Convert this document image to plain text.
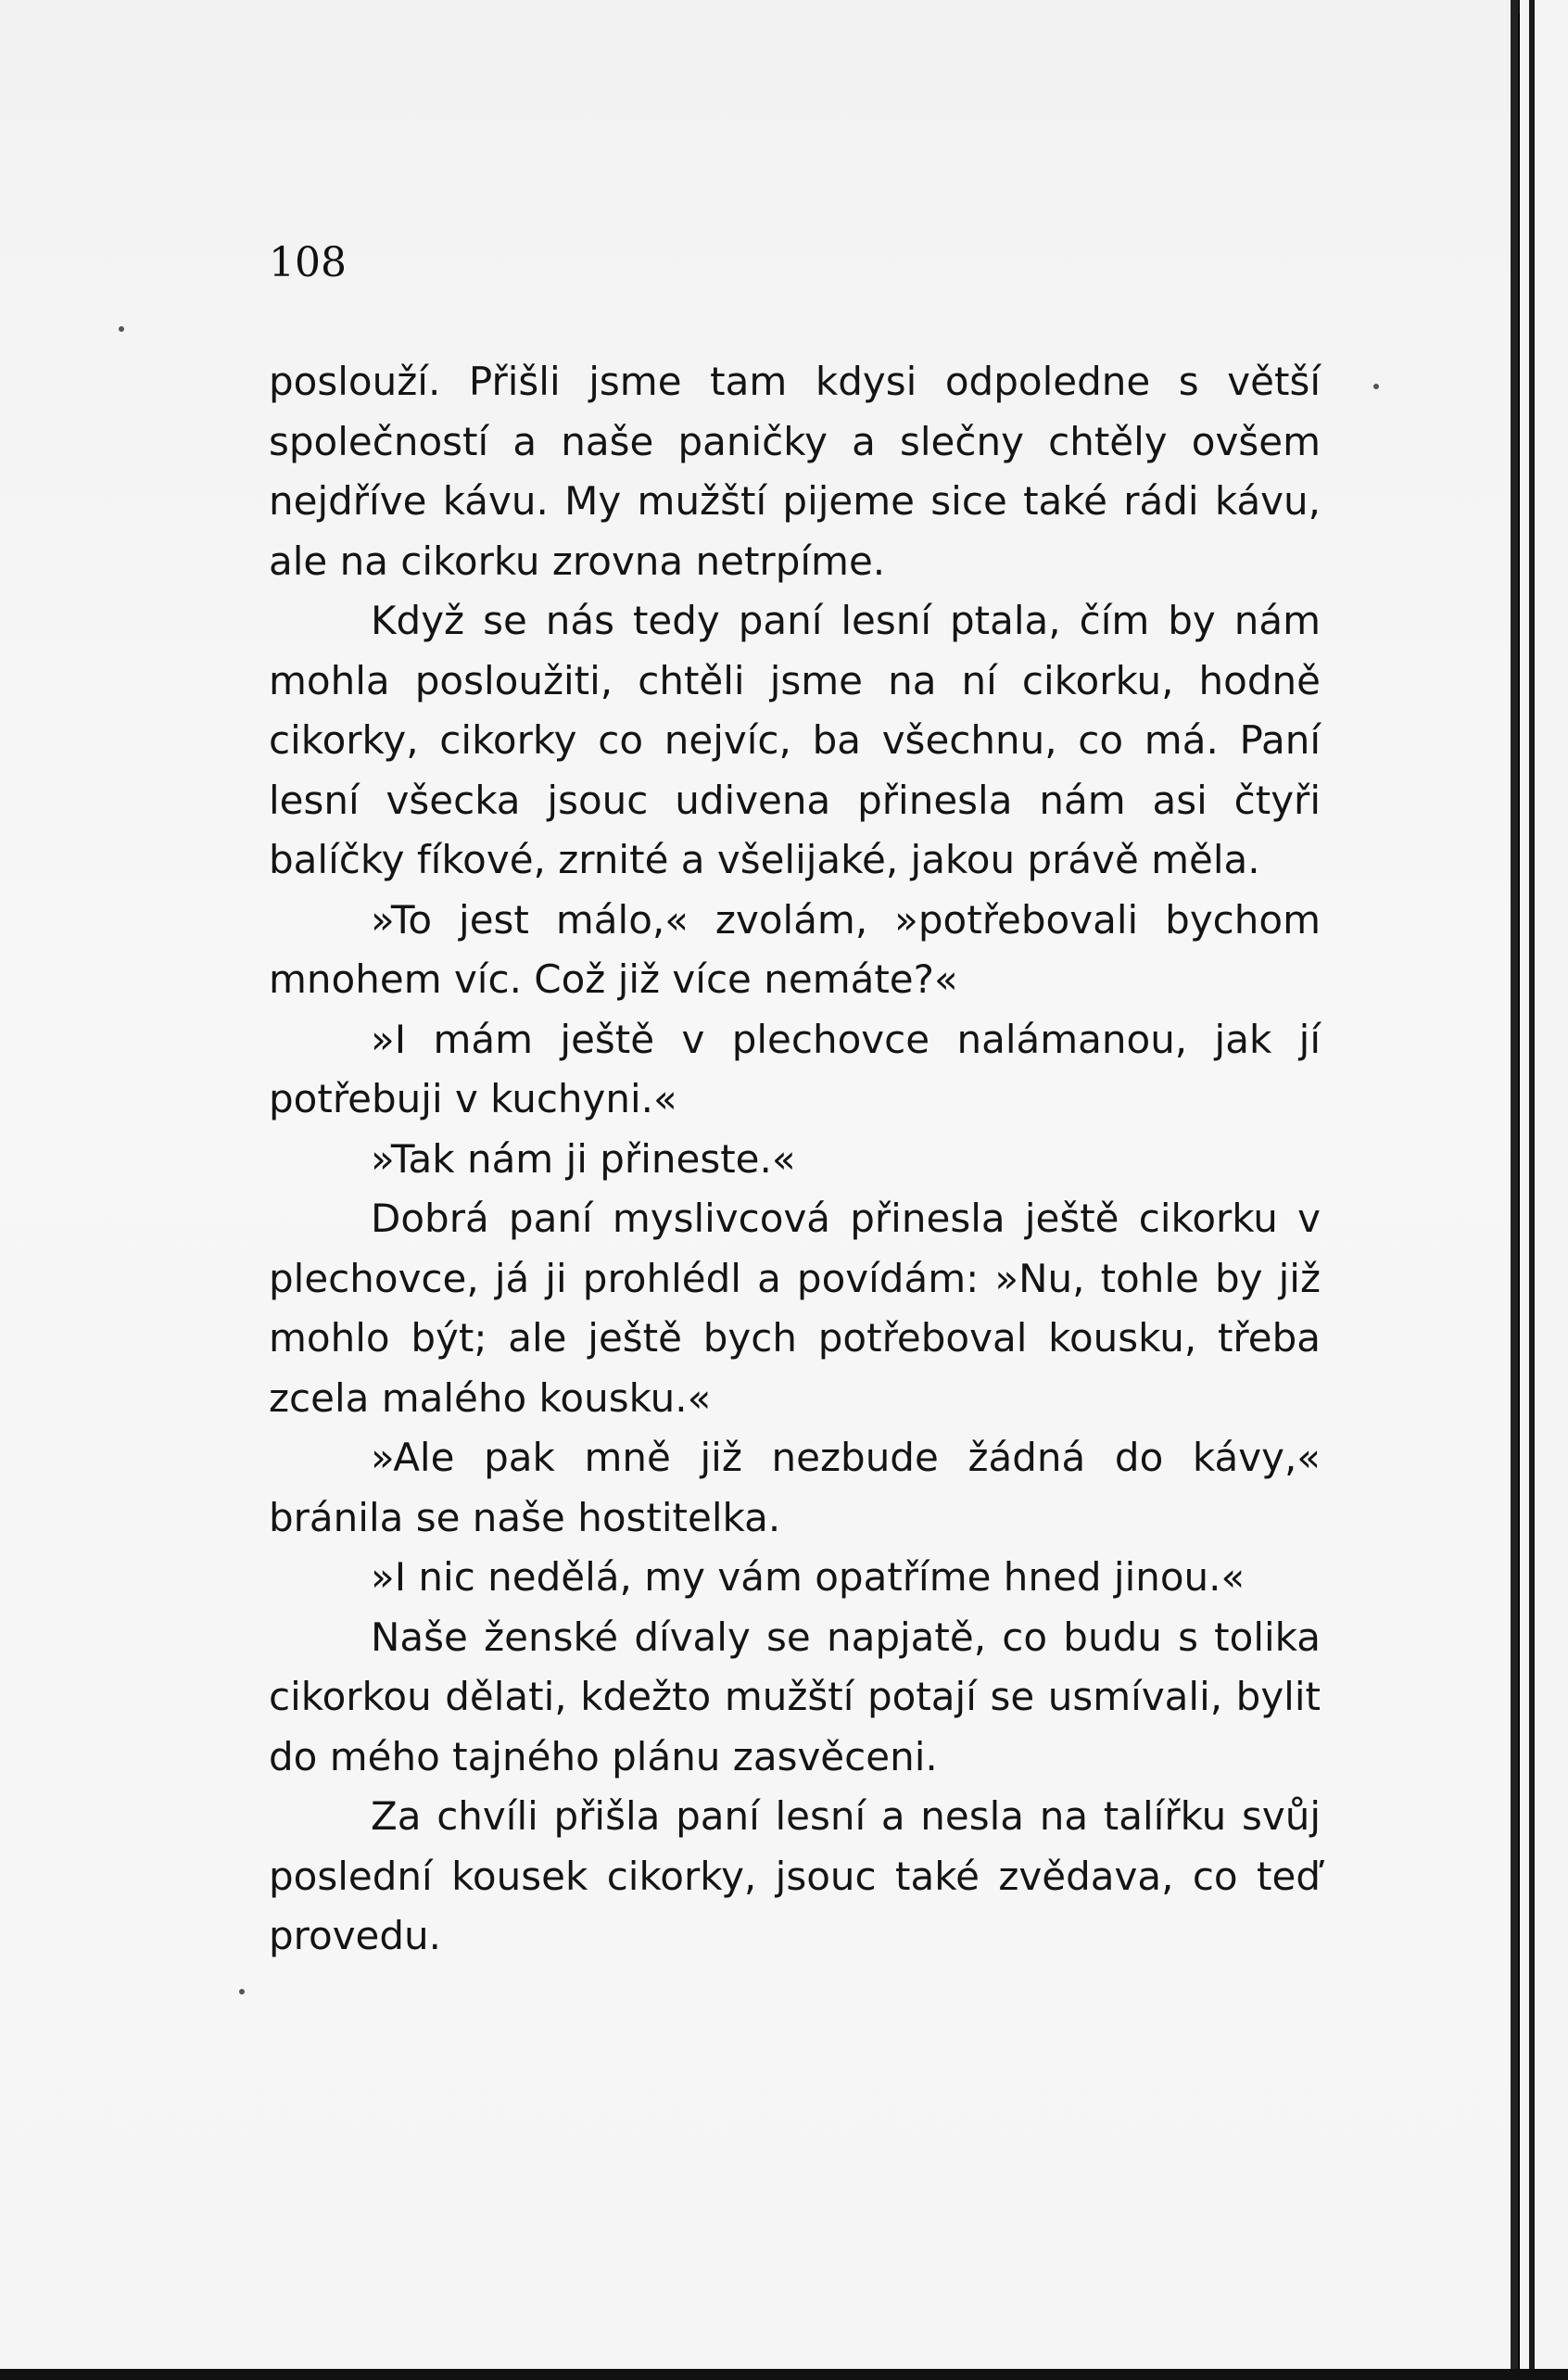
108

poslouží. Přišli jsme tam kdysi odpoledne s větší společností a naše paničky a slečny chtěly ovšem nejdříve kávu. My mužští pijeme sice také rádi kávu, ale na cikorku zrovna netrpíme.

Když se nás tedy paní lesní ptala, čím by nám mohla posloužiti, chtěli jsme na ní cikorku, hodně cikorky, cikorky co nejvíc, ba všechnu, co má. Paní lesní všecka jsouc udivena přinesla nám asi čtyři balíčky fíkové, zrnité a všelijaké, jakou právě měla.

»To jest málo,« zvolám, »potřebovali bychom mnohem víc. Což již více nemáte?«

»I mám ještě v plechovce nalámanou, jak jí potřebuji v kuchyni.«

»Tak nám ji přineste.«

Dobrá paní myslivcová přinesla ještě cikorku v plechovce, já ji prohlédl a povídám: »Nu, tohle by již mohlo být; ale ještě bych potřeboval kousku, třeba zcela malého kousku.«

»Ale pak mně již nezbude žádná do kávy,« bránila se naše hostitelka.

»I nic nedělá, my vám opatříme hned jinou.«

Naše ženské dívaly se napjatě, co budu s tolika cikorkou dělati, kdežto mužští potají se usmívali, bylit do mého tajného plánu zasvěceni.

Za chvíli přišla paní lesní a nesla na talířku svůj poslední kousek cikorky, jsouc také zvědava, co teď provedu.
